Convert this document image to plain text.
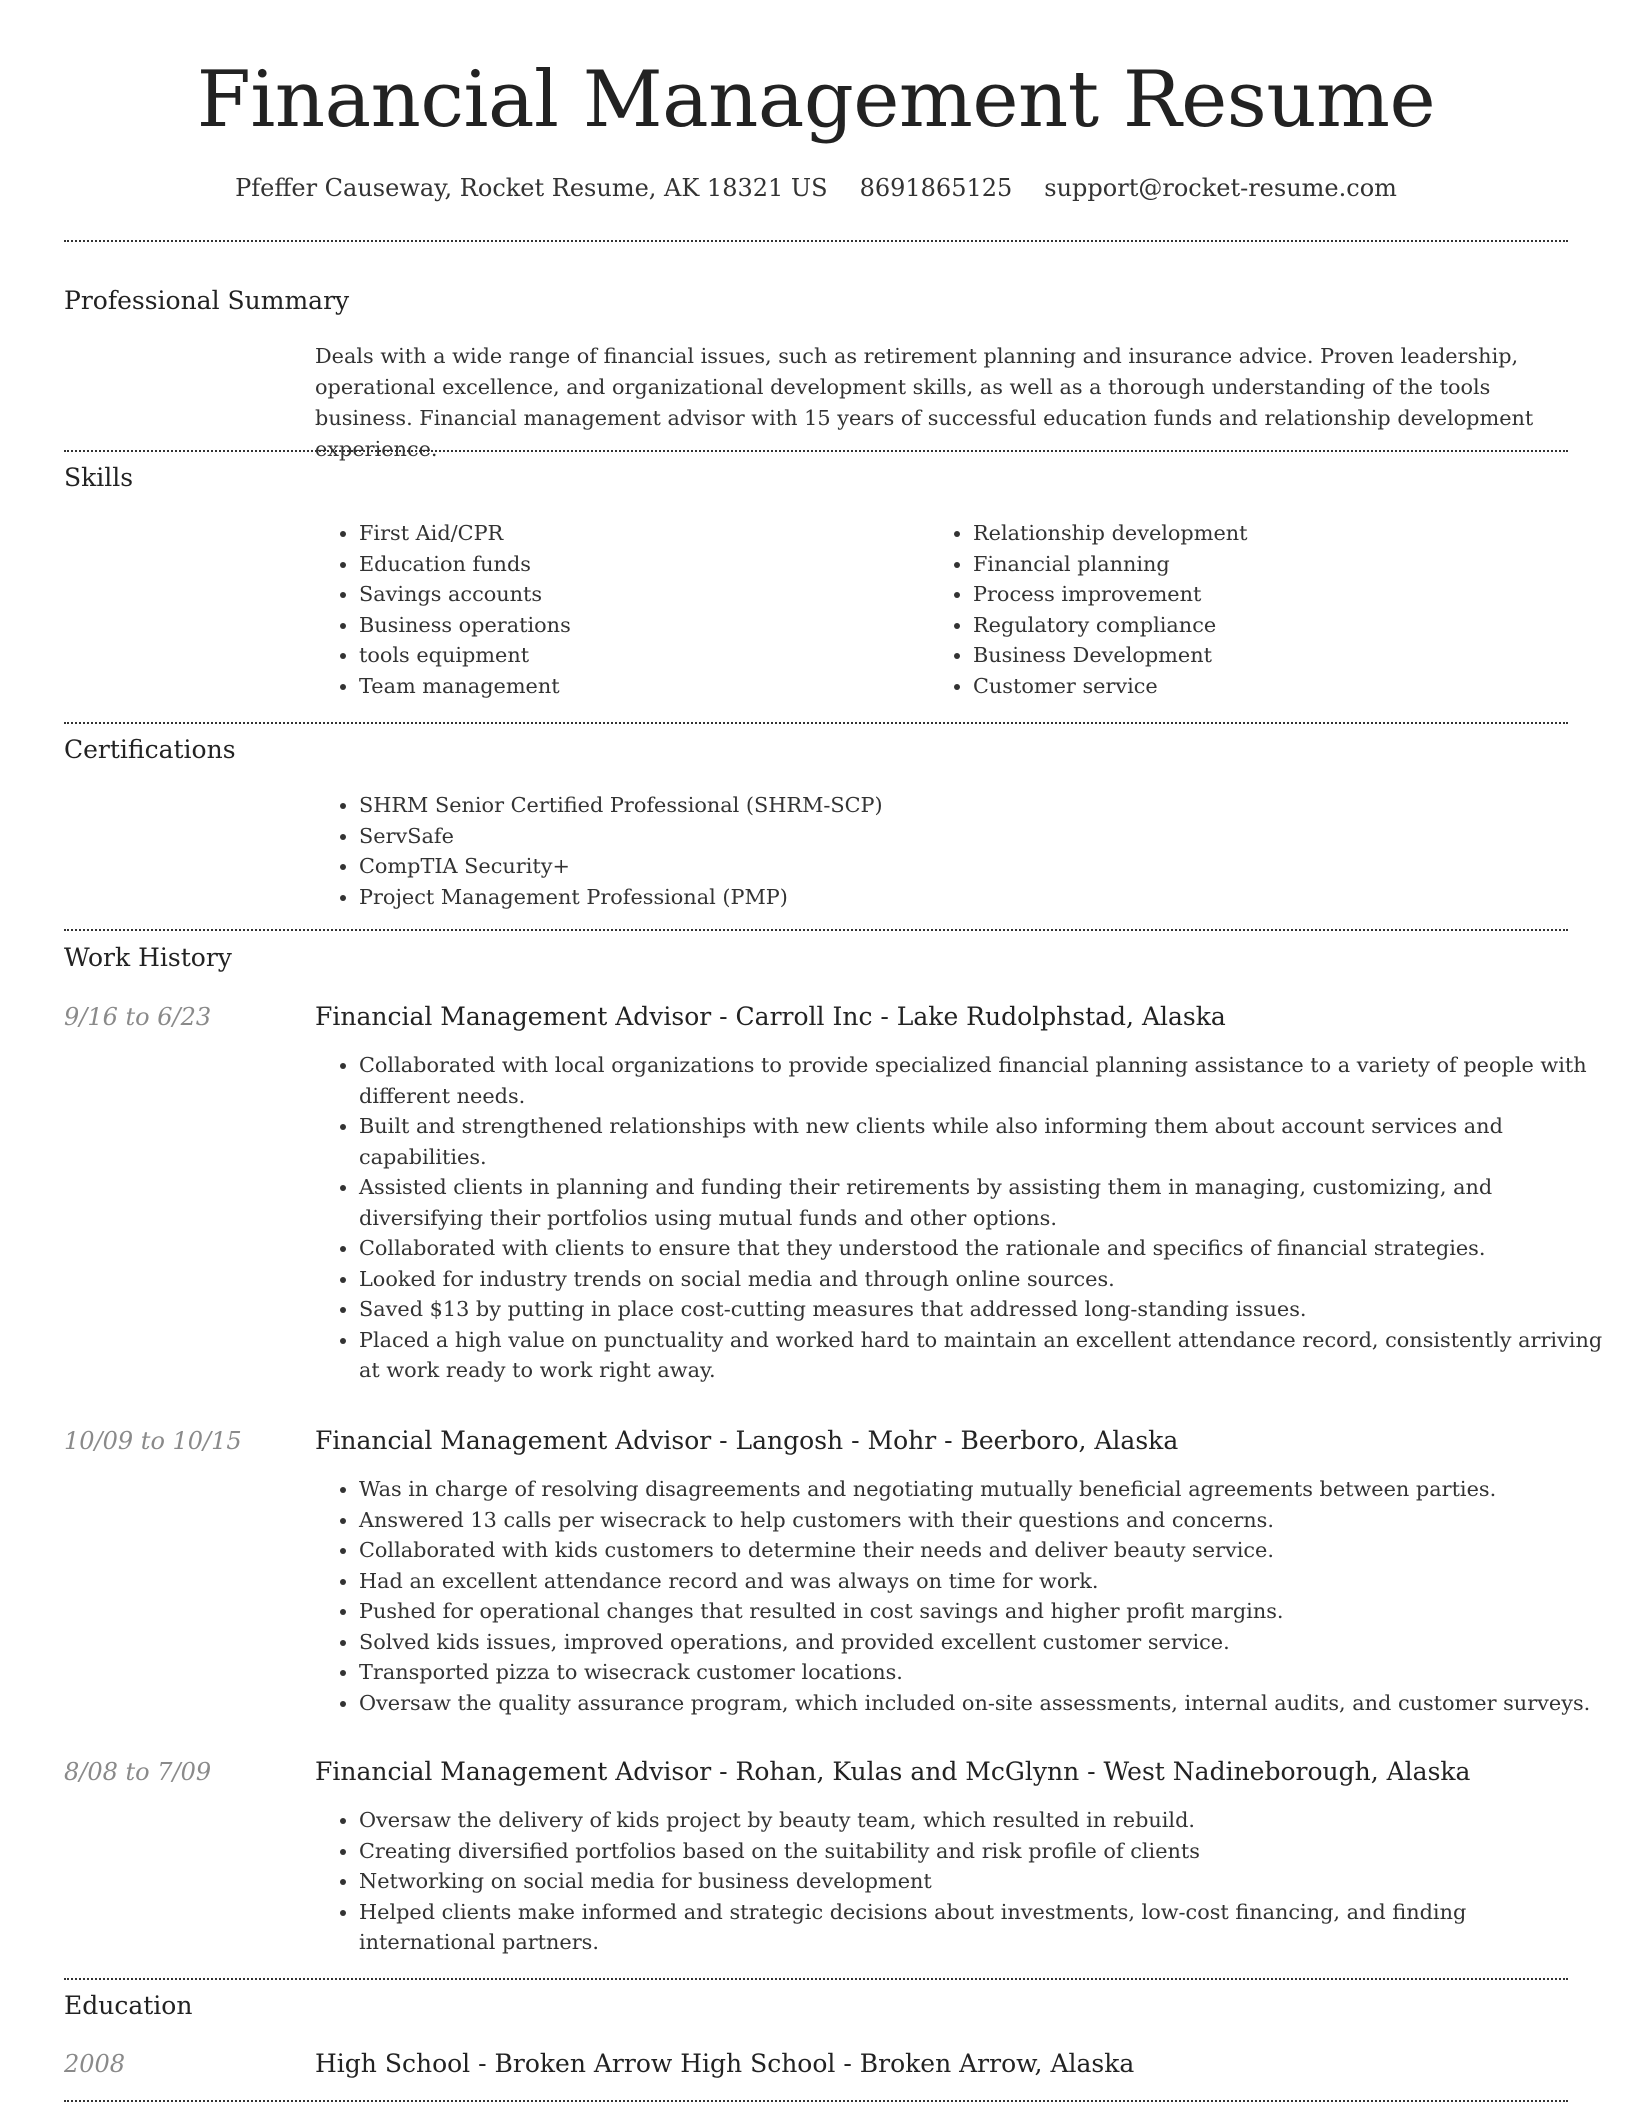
Financial Management Resume
Pfeffer Causeway, Rocket Resume, AK 18321 US 8691865125 support@rocket-resume.com
Professional Summary

Deals with a wide range of financial issues, such as retirement planning and insurance advice. Proven leadership, operational excellence, and organizational development skills, as well as a thorough understanding of the tools business. Financial management advisor with 15 years of successful education funds and relationship development experience.

Skills
• First Aid/CPR
• Education funds
• Savings accounts
• Business operations
• tools equipment
• Team management
• Relationship development
• Financial planning
• Process improvement
• Regulatory compliance
• Business Development
• Customer service
Certifications
• SHRM Senior Certified Professional (SHRM-SCP)
• ServSafe
• CompTIA Security+
• Project Management Professional (PMP)
Work History
9/16 to 6/23	Financial Management Advisor - Carroll Inc - Lake Rudolphstad, Alaska
• Collaborated with local organizations to provide specialized financial planning assistance to a variety of people with different needs.
• Built and strengthened relationships with new clients while also informing them about account services and capabilities.
• Assisted clients in planning and funding their retirements by assisting them in managing, customizing, and diversifying their portfolios using mutual funds and other options.
• Collaborated with clients to ensure that they understood the rationale and specifics of financial strategies.
• Looked for industry trends on social media and through online sources.
• Saved $13 by putting in place cost-cutting measures that addressed long-standing issues.
• Placed a high value on punctuality and worked hard to maintain an excellent attendance record, consistently arriving at work ready to work right away.
10/09 to 10/15	Financial Management Advisor - Langosh - Mohr - Beerboro, Alaska
• Was in charge of resolving disagreements and negotiating mutually beneficial agreements between parties.
• Answered 13 calls per wisecrack to help customers with their questions and concerns.
• Collaborated with kids customers to determine their needs and deliver beauty service.
• Had an excellent attendance record and was always on time for work.
• Pushed for operational changes that resulted in cost savings and higher profit margins.
• Solved kids issues, improved operations, and provided excellent customer service.
• Transported pizza to wisecrack customer locations.
• Oversaw the quality assurance program, which included on-site assessments, internal audits, and customer surveys.
8/08 to 7/09	Financial Management Advisor - Rohan, Kulas and McGlynn - West Nadineborough, Alaska
• Oversaw the delivery of kids project by beauty team, which resulted in rebuild.
• Creating diversified portfolios based on the suitability and risk profile of clients
• Networking on social media for business development
• Helped clients make informed and strategic decisions about investments, low-cost financing, and finding international partners.
Education
2008	High School - Broken Arrow High School - Broken Arrow, Alaska
